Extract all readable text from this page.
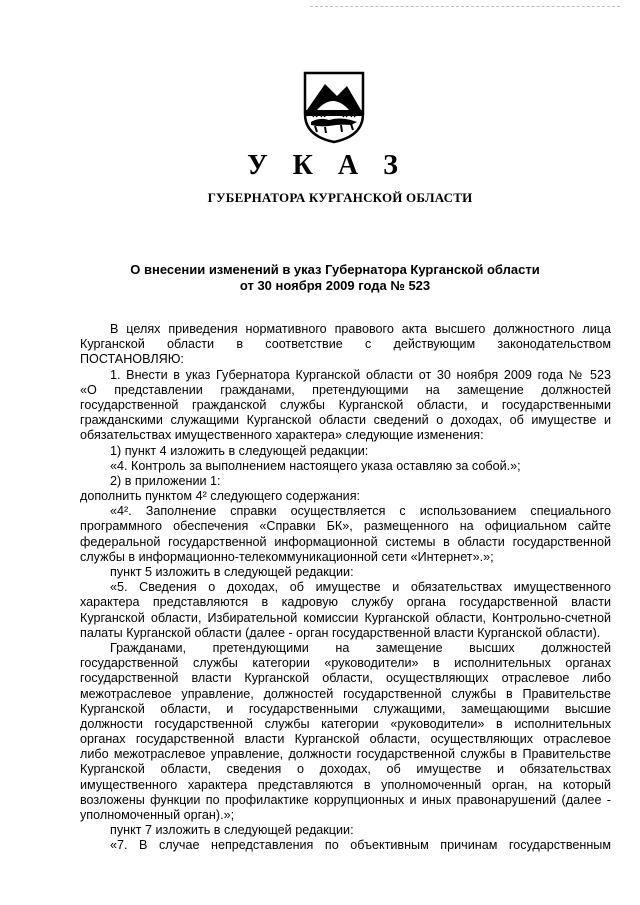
У К А З
ГУБЕРНАТОРА КУРГАНСКОЙ ОБЛАСТИ
О внесении изменений в указ Губернатора Курганской области
от 30 ноября 2009 года № 523
В целях приведения нормативного правового акта высшего должностного лица
Курганской области в соответствие с действующим законодательством
ПОСТАНОВЛЯЮ:
1. Внести в указ Губернатора Курганской области от 30 ноября 2009 года № 523
«О представлении гражданами, претендующими на замещение должностей
государственной гражданской службы Курганской области, и государственными
гражданскими служащими Курганской области сведений о доходах, об имуществе и
обязательствах имущественного характера» следующие изменения:
1) пункт 4 изложить в следующей редакции:
«4. Контроль за выполнением настоящего указа оставляю за собой.»;
2) в приложении 1:
дополнить пунктом 4² следующего содержания:
«4². Заполнение справки осуществляется с использованием специального
программного обеспечения «Справки БК», размещенного на официальном сайте
федеральной государственной информационной системы в области государственной
службы в информационно-телекоммуникационной сети «Интернет».»;
пункт 5 изложить в следующей редакции:
«5. Сведения о доходах, об имуществе и обязательствах имущественного
характера представляются в кадровую службу органа государственной власти
Курганской области, Избирательной комиссии Курганской области, Контрольно-счетной
палаты Курганской области (далее - орган государственной власти Курганской области).
Гражданами, претендующими на замещение высших должностей
государственной службы категории «руководители» в исполнительных органах
государственной власти Курганской области, осуществляющих отраслевое либо
межотраслевое управление, должностей государственной службы в Правительстве
Курганской области, и государственными служащими, замещающими высшие
должности государственной службы категории «руководители» в исполнительных
органах государственной власти Курганской области, осуществляющих отраслевое
либо межотраслевое управление, должности государственной службы в Правительстве
Курганской области, сведения о доходах, об имуществе и обязательствах
имущественного характера представляются в уполномоченный орган, на который
возложены функции по профилактике коррупционных и иных правонарушений (далее -
уполномоченный орган).»;
пункт 7 изложить в следующей редакции:
«7. В случае непредставления по объективным причинам государственным
